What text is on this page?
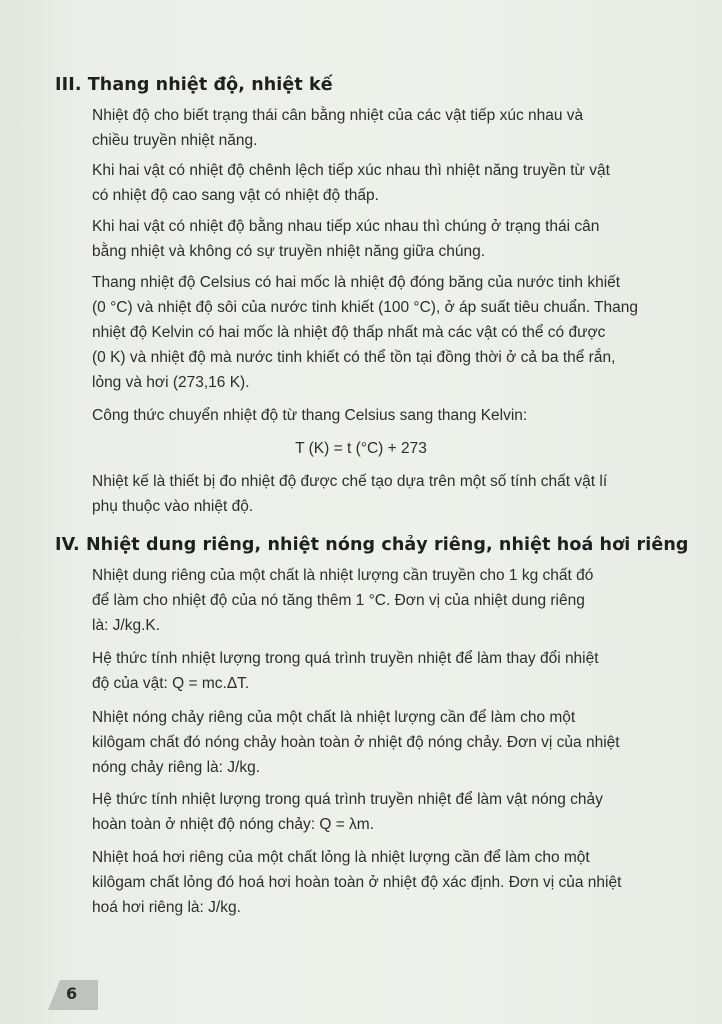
III. Thang nhiệt độ, nhiệt kế
Nhiệt độ cho biết trạng thái cân bằng nhiệt của các vật tiếp xúc nhau và
chiều truyền nhiệt năng.
Khi hai vật có nhiệt độ chênh lệch tiếp xúc nhau thì nhiệt năng truyền từ vật
có nhiệt độ cao sang vật có nhiệt độ thấp.
Khi hai vật có nhiệt độ bằng nhau tiếp xúc nhau thì chúng ở trạng thái cân
bằng nhiệt và không có sự truyền nhiệt năng giữa chúng.
Thang nhiệt độ Celsius có hai mốc là nhiệt độ đóng băng của nước tinh khiết
(0 °C) và nhiệt độ sôi của nước tinh khiết (100 °C), ở áp suất tiêu chuẩn. Thang
nhiệt độ Kelvin có hai mốc là nhiệt độ thấp nhất mà các vật có thể có được
(0 K) và nhiệt độ mà nước tinh khiết có thể tồn tại đồng thời ở cả ba thể rắn,
lỏng và hơi (273,16 K).
Công thức chuyển nhiệt độ từ thang Celsius sang thang Kelvin:
T (K) = t (°C) + 273
Nhiệt kế là thiết bị đo nhiệt độ được chế tạo dựa trên một số tính chất vật lí
phụ thuộc vào nhiệt độ.
IV. Nhiệt dung riêng, nhiệt nóng chảy riêng, nhiệt hoá hơi riêng
Nhiệt dung riêng của một chất là nhiệt lượng cần truyền cho 1 kg chất đó
để làm cho nhiệt độ của nó tăng thêm 1 °C. Đơn vị của nhiệt dung riêng
là: J/kg.K.
Hệ thức tính nhiệt lượng trong quá trình truyền nhiệt để làm thay đổi nhiệt
độ của vật: Q = mc.ΔT.
Nhiệt nóng chảy riêng của một chất là nhiệt lượng cần để làm cho một
kilôgam chất đó nóng chảy hoàn toàn ở nhiệt độ nóng chảy. Đơn vị của nhiệt
nóng chảy riêng là: J/kg.
Hệ thức tính nhiệt lượng trong quá trình truyền nhiệt để làm vật nóng chảy
hoàn toàn ở nhiệt độ nóng chảy: Q = λm.
Nhiệt hoá hơi riêng của một chất lỏng là nhiệt lượng cần để làm cho một
kilôgam chất lỏng đó hoá hơi hoàn toàn ở nhiệt độ xác định. Đơn vị của nhiệt
hoá hơi riêng là: J/kg.
6
